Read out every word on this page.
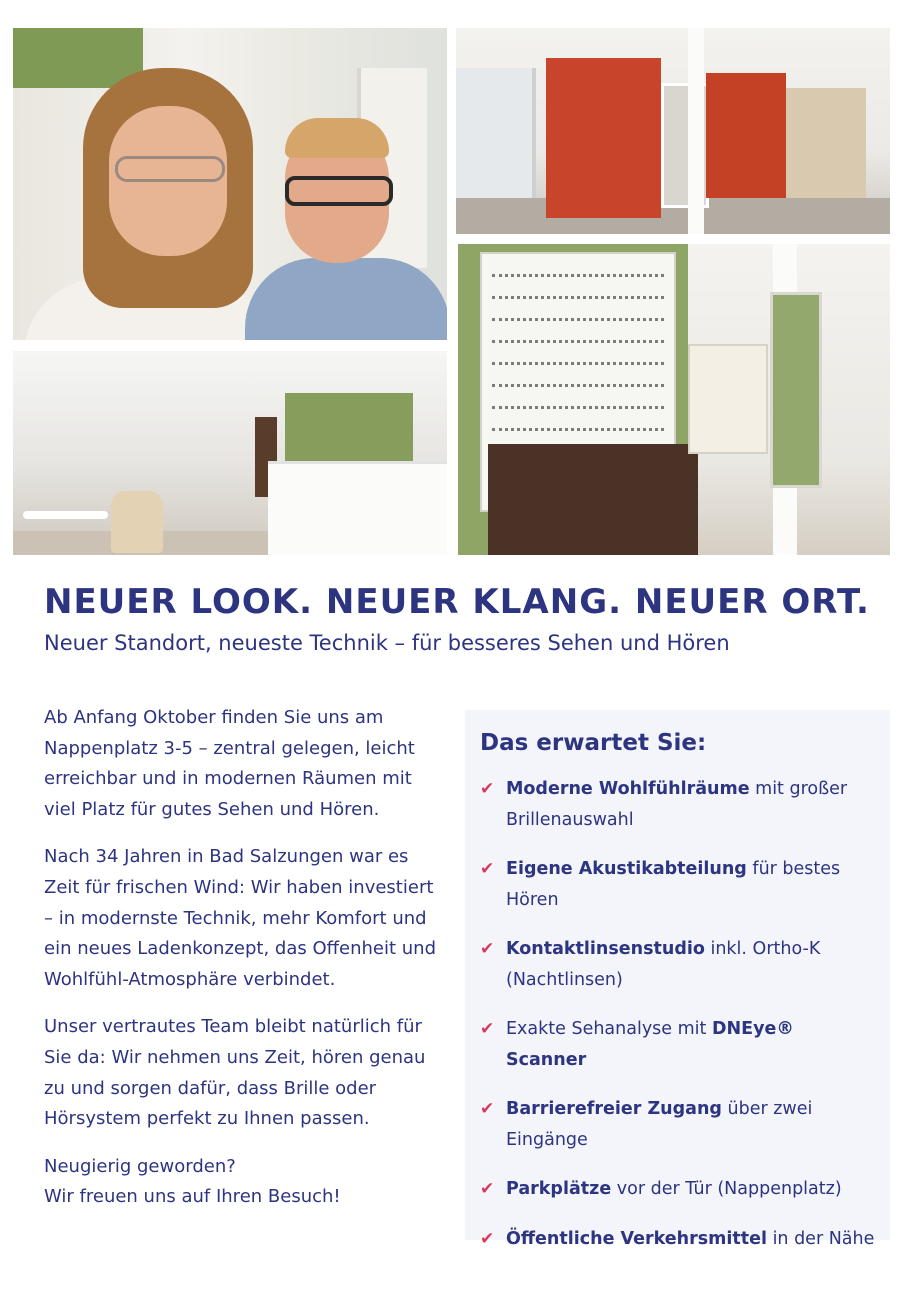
NEUER LOOK. NEUER KLANG. NEUER ORT.
Neuer Standort, neueste Technik – für besseres Sehen und Hören

Ab Anfang Oktober finden Sie uns am Nappenplatz 3-5 – zentral gelegen, leicht erreichbar und in modernen Räumen mit viel Platz für gutes Sehen und Hören.

Nach 34 Jahren in Bad Salzungen war es Zeit für frischen Wind: Wir haben investiert – in modernste Technik, mehr Komfort und ein neues Ladenkonzept, das Offenheit und Wohlfühl-Atmosphäre verbindet.

Unser vertrautes Team bleibt natürlich für Sie da: Wir nehmen uns Zeit, hören genau zu und sorgen dafür, dass Brille oder Hörsystem perfekt zu Ihnen passen.

Neugierig geworden?
Wir freuen uns auf Ihren Besuch!

Das erwartet Sie:
✔ Moderne Wohlfühlräume mit großer Brillenauswahl
✔ Eigene Akustikabteilung für bestes Hören
✔ Kontaktlinsenstudio inkl. Ortho-K (Nachtlinsen)
✔ Exakte Sehanalyse mit DNEye® Scanner
✔ Barrierefreier Zugang über zwei Eingänge
✔ Parkplätze vor der Tür (Nappenplatz)
✔ Öffentliche Verkehrsmittel in der Nähe
